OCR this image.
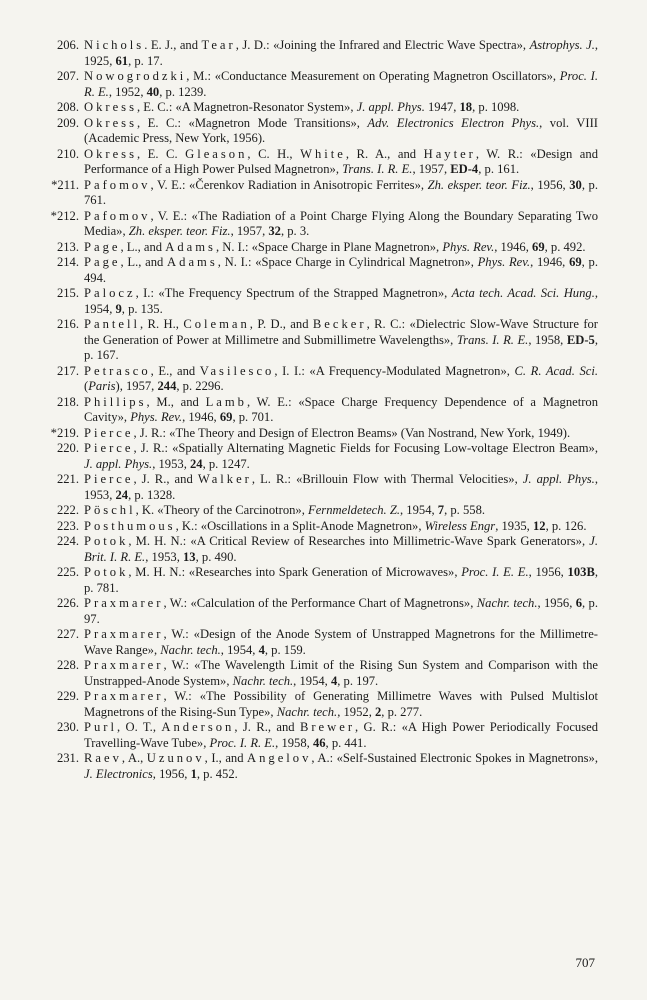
206. Nichols. E. J., and Tear, J. D.: «Joining the Infrared and Electric Wave Spectra», Astrophys. J., 1925, 61, p. 17.
207. Nowogrodzki, M.: «Conductance Measurement on Operating Magnetron Oscillators», Proc. I. R. E., 1952, 40, p. 1239.
208. Okress, E. C.: «A Magnetron-Resonator System», J. appl. Phys. 1947, 18, p. 1098.
209. Okress, E. C.: «Magnetron Mode Transitions», Adv. Electronics Electron Phys., vol. VIII (Academic Press, New York, 1956).
210. Okress, E. C. Gleason, C. H., White, R. A., and Hayter, W. R.: «Design and Performance of a High Power Pulsed Magnetron», Trans. I. R. E., 1957, ED-4, p. 161.
*211. Pafomov, V. E.: «Čerenkov Radiation in Anisotropic Ferrites», Zh. eksper. teor. Fiz., 1956, 30, p. 761.
*212. Pafomov, V. E.: «The Radiation of a Point Charge Flying Along the Boundary Separating Two Media», Zh. eksper. teor. Fiz., 1957, 32, p. 3.
213. Page, L., and Adams, N. I.: «Space Charge in Plane Magnetron», Phys. Rev., 1946, 69, p. 492.
214. Page, L., and Adams, N. I.: «Space Charge in Cylindrical Magnetron», Phys. Rev., 1946, 69, p. 494.
215. Palocz, I.: «The Frequency Spectrum of the Strapped Magnetron», Acta tech. Acad. Sci. Hung., 1954, 9, p. 135.
216. Pantell, R. H., Coleman, P. D., and Becker, R. C.: «Dielectric Slow-Wave Structure for the Generation of Power at Millimetre and Submillimetre Wavelengths», Trans. I. R. E., 1958, ED-5, p. 167.
217. Petrasco, E., and Vasilesco, I. I.: «A Frequency-Modulated Magnetron», C. R. Acad. Sci. (Paris), 1957, 244, p. 2296.
218. Phillips, M., and Lamb, W. E.: «Space Charge Frequency Dependence of a Magnetron Cavity», Phys. Rev., 1946, 69, p. 701.
*219. Pierce, J. R.: «The Theory and Design of Electron Beams» (Van Nostrand, New York, 1949).
220. Pierce, J. R.: «Spatially Alternating Magnetic Fields for Focusing Low-voltage Electron Beam», J. appl. Phys., 1953, 24, p. 1247.
221. Pierce, J. R., and Walker, L. R.: «Brillouin Flow with Thermal Velocities», J. appl. Phys., 1953, 24, p. 1328.
222. Pöschl, K. «Theory of the Carcinotron», Fernmeldetech. Z., 1954, 7, p. 558.
223. Posthumous, K.: «Oscillations in a Split-Anode Magnetron», Wireless Engr, 1935, 12, p. 126.
224. Potok, M. H. N.: «A Critical Review of Researches into Millimetric-Wave Spark Generators», J. Brit. I. R. E., 1953, 13, p. 490.
225. Potok, M. H. N.: «Researches into Spark Generation of Microwaves», Proc. I. E. E., 1956, 103B, p. 781.
226. Praxmarer, W.: «Calculation of the Performance Chart of Magnetrons», Nachr. tech., 1956, 6, p. 97.
227. Praxmarer, W.: «Design of the Anode System of Unstrapped Magnetrons for the Millimetre-Wave Range», Nachr. tech., 1954, 4, p. 159.
228. Praxmarer, W.: «The Wavelength Limit of the Rising Sun System and Comparison with the Unstrapped-Anode System», Nachr. tech., 1954, 4, p. 197.
229. Praxmarer, W.: «The Possibility of Generating Millimetre Waves with Pulsed Multislot Magnetrons of the Rising-Sun Type», Nachr. tech., 1952, 2, p. 277.
230. Purl, O. T., Anderson, J. R., and Brewer, G. R.: «A High Power Periodically Focused Travelling-Wave Tube», Proc. I. R. E., 1958, 46, p. 441.
231. Raev, A., Uzunov, I., and Angelov, A.: «Self-Sustained Electronic Spokes in Magnetrons», J. Electronics, 1956, 1, p. 452.
707
